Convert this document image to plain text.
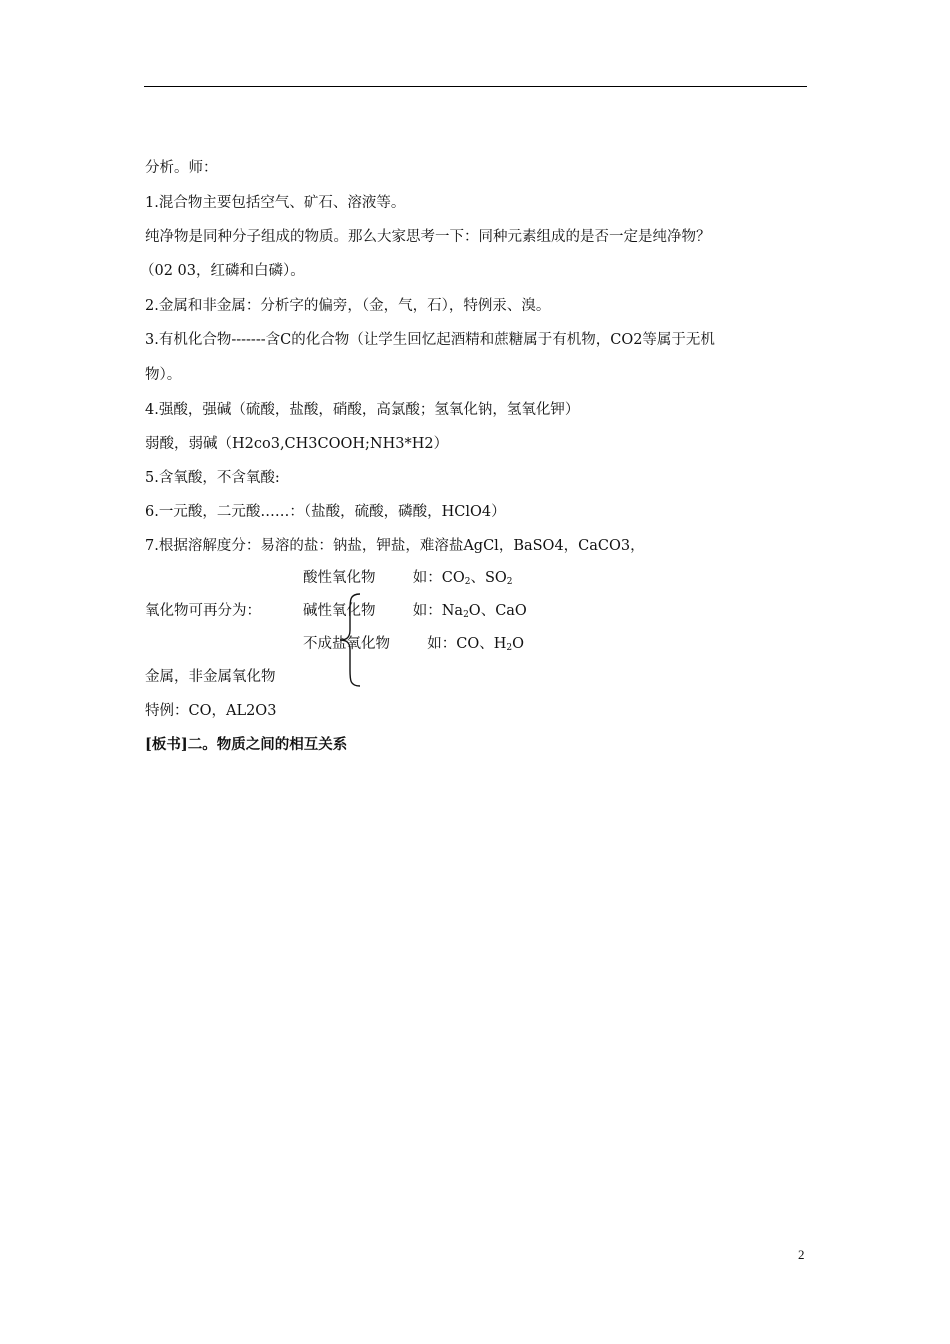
分析。师：
1.混合物主要包括空气、矿石、溶液等。
纯净物是同种分子组成的物质。那么大家思考一下：同种元素组成的是否一定是纯净物？
（02 03，红磷和白磷）。
2.金属和非金属：分析字的偏旁，（金，气，石），特例汞、溴。
3.有机化合物-------含C的化合物（让学生回忆起酒精和蔗糖属于有机物，CO2等属于无机
物）。
4.强酸，强碱（硫酸，盐酸，硝酸，高氯酸；氢氧化钠，氢氧化钾）
弱酸，弱碱（H2co3,CH3COOH;NH3*H2）
5.含氧酸，不含氧酸:
6.一元酸，二元酸……：（盐酸，硫酸，磷酸，HClO4）
7.根据溶解度分：易溶的盐：钠盐，钾盐，难溶盐AgCl，BaSO4，CaCO3，
酸性氧化物	如：$CO_2$、$SO_2$
氧化物可再分为：	碱性氧化物	如：$Na_2O$、CaO
不成盐氧化物	如：CO、$H_2O$
金属，非金属氧化物
特例：CO，AL2O3
[板书]二。物质之间的相互关系
2
